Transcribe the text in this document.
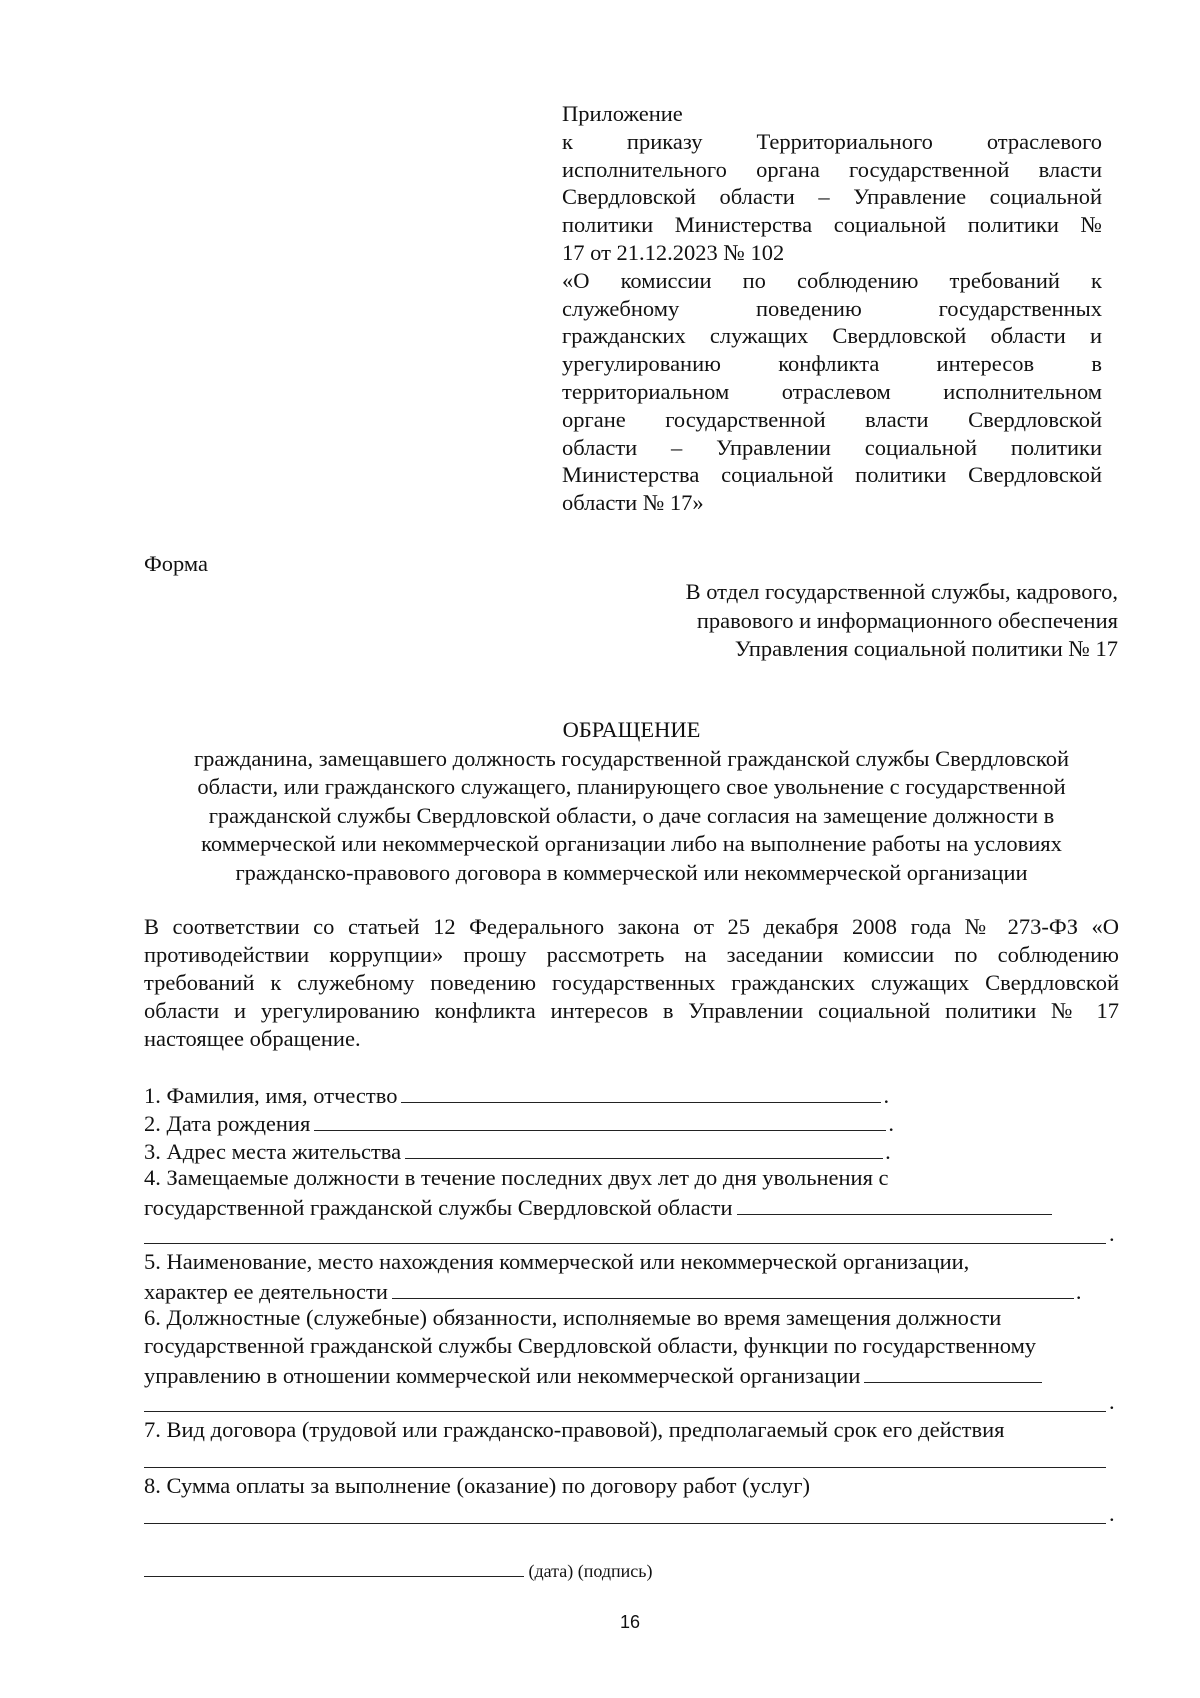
Приложение
к приказу Территориального отраслевого
исполнительного органа государственной власти
Свердловской области – Управление социальной
политики Министерства социальной политики №
17 от 21.12.2023 № 102
«О комиссии по соблюдению требований к
служебному поведению государственных
гражданских служащих Свердловской области и
урегулированию конфликта интересов в
территориальном отраслевом исполнительном
органе государственной власти Свердловской
области – Управлении социальной политики
Министерства социальной политики Свердловской
области № 17»
Форма
В отдел государственной службы, кадрового,
правового и информационного обеспечения
Управления социальной политики № 17
ОБРАЩЕНИЕ
гражданина, замещавшего должность государственной гражданской службы Свердловской
области, или гражданского служащего, планирующего свое увольнение с государственной
гражданской службы Свердловской области, о даче согласия на замещение должности в
коммерческой или некоммерческой организации либо на выполнение работы на условиях
гражданско-правового договора в коммерческой или некоммерческой организации
В соответствии со статьей 12 Федерального закона от 25 декабря 2008 года № 273-ФЗ «О противодействии коррупции» прошу рассмотреть на заседании комиссии по соблюдению требований к служебному поведению государственных гражданских служащих Свердловской области и урегулированию конфликта интересов в Управлении социальной политики № 17 настоящее обращение.
1. Фамилия, имя, отчество	.
2. Дата рождения	.
3. Адрес места жительства	.
4. Замещаемые должности в течение последних двух лет до дня увольнения с
государственной гражданской службы Свердловской области
.
5. Наименование, место нахождения коммерческой или некоммерческой организации,
характер ее деятельности	.
6. Должностные (служебные) обязанности, исполняемые во время замещения должности
государственной гражданской службы Свердловской области, функции по государственному
управлению в отношении коммерческой или некоммерческой организации
.
7. Вид договора (трудовой или гражданско-правовой), предполагаемый срок его действия
8. Сумма оплаты за выполнение (оказание) по договору работ (услуг)
.
(дата) (подпись)
16
